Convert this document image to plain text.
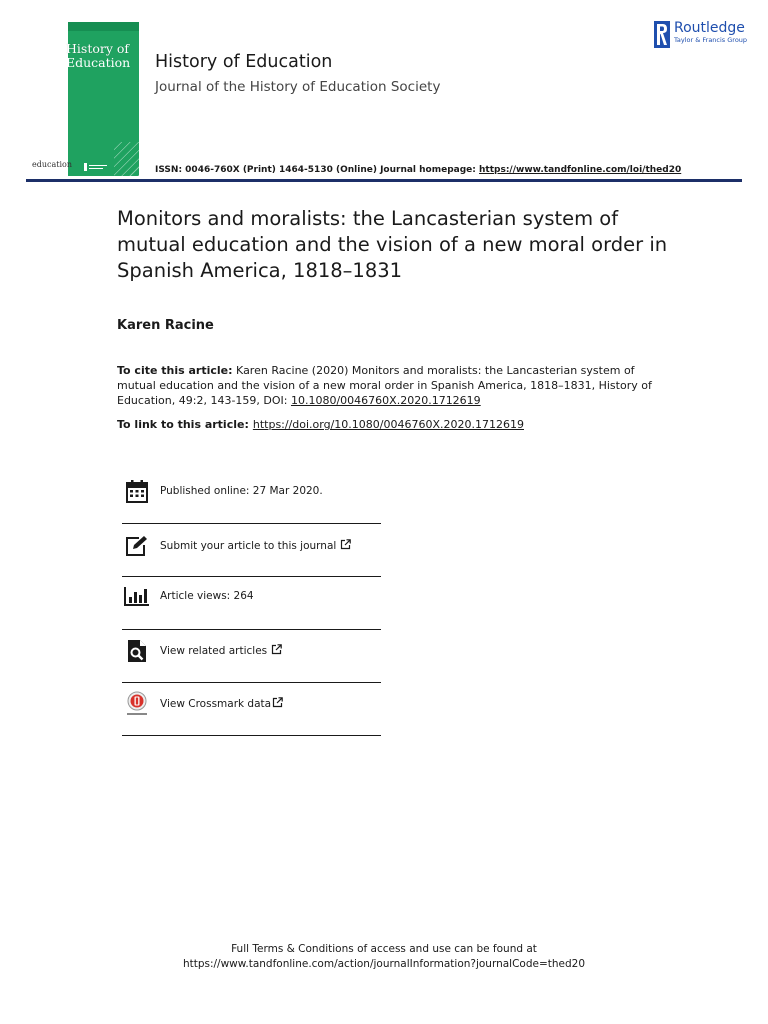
History of
Education
education
History of Education
Journal of the History of Education Society
ISSN: 0046-760X (Print) 1464-5130 (Online) Journal homepage: https://www.tandfonline.com/loi/thed20
Routledge
Taylor & Francis Group
Monitors and moralists: the Lancasterian system of mutual education and the vision of a new moral order in Spanish America, 1818–1831
Karen Racine
To cite this article: Karen Racine (2020) Monitors and moralists: the Lancasterian system of mutual education and the vision of a new moral order in Spanish America, 1818–1831, History of Education, 49:2, 143-159, DOI: 10.1080/0046760X.2020.1712619
To link to this article: https://doi.org/10.1080/0046760X.2020.1712619
Published online: 27 Mar 2020.
Submit your article to this journal
Article views: 264
View related articles
View Crossmark data
Full Terms & Conditions of access and use can be found at
https://www.tandfonline.com/action/journalInformation?journalCode=thed20
